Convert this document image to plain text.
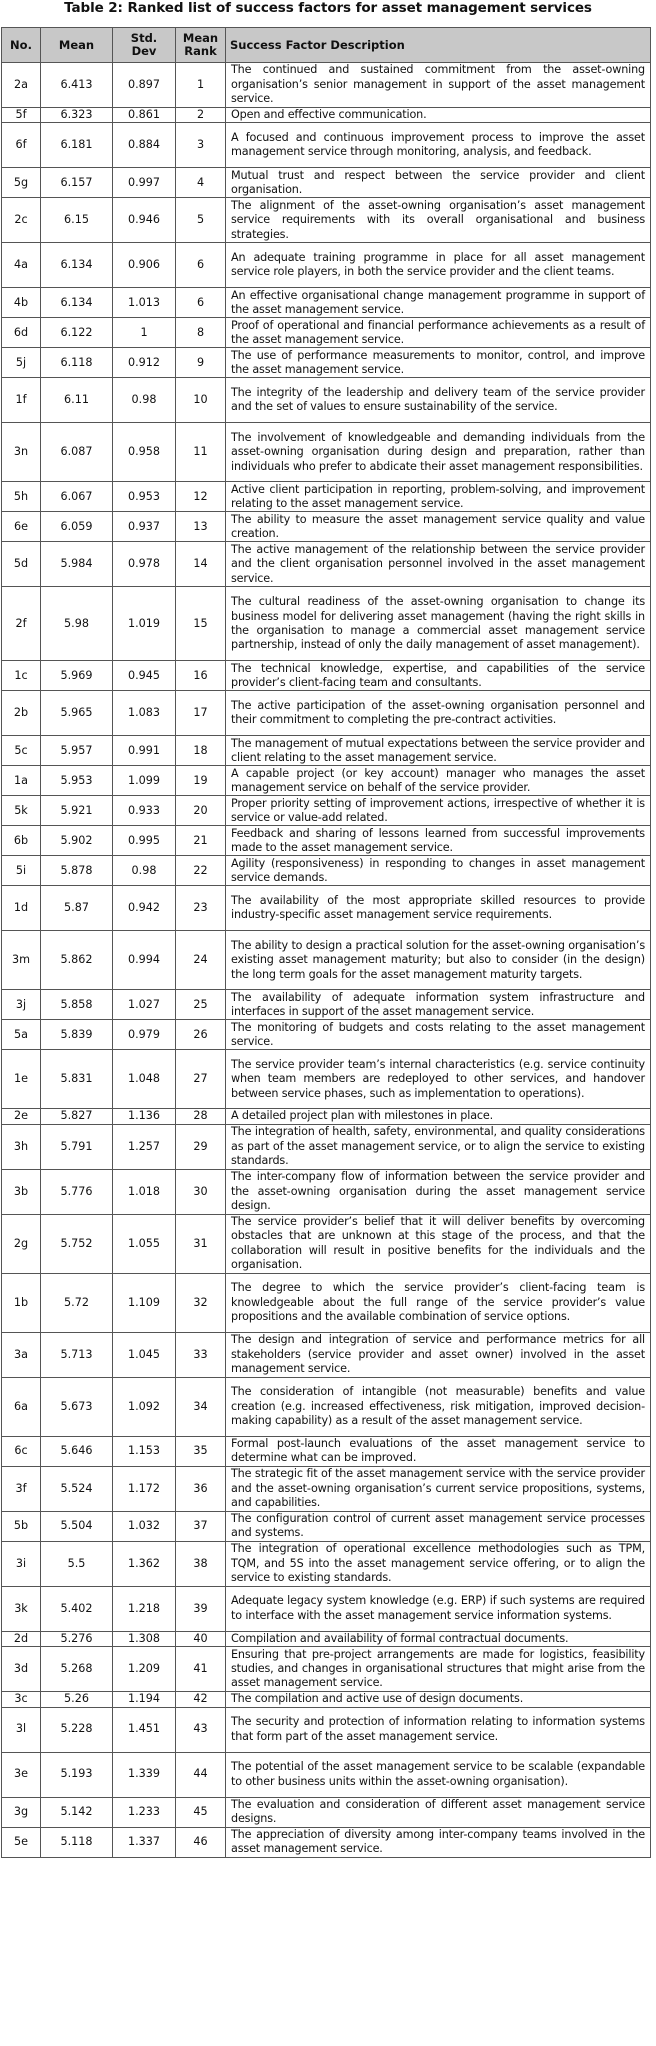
Table 2: Ranked list of success factors for asset management services
No.	Mean	Std. Dev	Mean Rank	Success Factor Description
2a	6.413	0.897	1	The continued and sustained commitment from the asset-owning organisation’s senior management in support of the asset management service.
5f	6.323	0.861	2	Open and effective communication.
6f	6.181	0.884	3	A focused and continuous improvement process to improve the asset management service through monitoring, analysis, and feedback.
5g	6.157	0.997	4	Mutual trust and respect between the service provider and client organisation.
2c	6.15	0.946	5	The alignment of the asset-owning organisation’s asset management service requirements with its overall organisational and business strategies.
4a	6.134	0.906	6	An adequate training programme in place for all asset management service role players, in both the service provider and the client teams.
4b	6.134	1.013	6	An effective organisational change management programme in support of the asset management service.
6d	6.122	1	8	Proof of operational and financial performance achievements as a result of the asset management service.
5j	6.118	0.912	9	The use of performance measurements to monitor, control, and improve the asset management service.
1f	6.11	0.98	10	The integrity of the leadership and delivery team of the service provider and the set of values to ensure sustainability of the service.
3n	6.087	0.958	11	The involvement of knowledgeable and demanding individuals from the asset-owning organisation during design and preparation, rather than individuals who prefer to abdicate their asset management responsibilities.
5h	6.067	0.953	12	Active client participation in reporting, problem-solving, and improvement relating to the asset management service.
6e	6.059	0.937	13	The ability to measure the asset management service quality and value creation.
5d	5.984	0.978	14	The active management of the relationship between the service provider and the client organisation personnel involved in the asset management service.
2f	5.98	1.019	15	The cultural readiness of the asset-owning organisation to change its business model for delivering asset management (having the right skills in the organisation to manage a commercial asset management service partnership, instead of only the daily management of asset management).
1c	5.969	0.945	16	The technical knowledge, expertise, and capabilities of the service provider’s client-facing team and consultants.
2b	5.965	1.083	17	The active participation of the asset-owning organisation personnel and their commitment to completing the pre-contract activities.
5c	5.957	0.991	18	The management of mutual expectations between the service provider and client relating to the asset management service.
1a	5.953	1.099	19	A capable project (or key account) manager who manages the asset management service on behalf of the service provider.
5k	5.921	0.933	20	Proper priority setting of improvement actions, irrespective of whether it is service or value-add related.
6b	5.902	0.995	21	Feedback and sharing of lessons learned from successful improvements made to the asset management service.
5i	5.878	0.98	22	Agility (responsiveness) in responding to changes in asset management service demands.
1d	5.87	0.942	23	The availability of the most appropriate skilled resources to provide industry-specific asset management service requirements.
3m	5.862	0.994	24	The ability to design a practical solution for the asset-owning organisation’s existing asset management maturity; but also to consider (in the design) the long term goals for the asset management maturity targets.
3j	5.858	1.027	25	The availability of adequate information system infrastructure and interfaces in support of the asset management service.
5a	5.839	0.979	26	The monitoring of budgets and costs relating to the asset management service.
1e	5.831	1.048	27	The service provider team’s internal characteristics (e.g. service continuity when team members are redeployed to other services, and handover between service phases, such as implementation to operations).
2e	5.827	1.136	28	A detailed project plan with milestones in place.
3h	5.791	1.257	29	The integration of health, safety, environmental, and quality considerations as part of the asset management service, or to align the service to existing standards.
3b	5.776	1.018	30	The inter-company flow of information between the service provider and the asset-owning organisation during the asset management service design.
2g	5.752	1.055	31	The service provider’s belief that it will deliver benefits by overcoming obstacles that are unknown at this stage of the process, and that the collaboration will result in positive benefits for the individuals and the organisation.
1b	5.72	1.109	32	The degree to which the service provider’s client-facing team is knowledgeable about the full range of the service provider’s value propositions and the available combination of service options.
3a	5.713	1.045	33	The design and integration of service and performance metrics for all stakeholders (service provider and asset owner) involved in the asset management service.
6a	5.673	1.092	34	The consideration of intangible (not measurable) benefits and value creation (e.g. increased effectiveness, risk mitigation, improved decision-making capability) as a result of the asset management service.
6c	5.646	1.153	35	Formal post-launch evaluations of the asset management service to determine what can be improved.
3f	5.524	1.172	36	The strategic fit of the asset management service with the service provider and the asset-owning organisation’s current service propositions, systems, and capabilities.
5b	5.504	1.032	37	The configuration control of current asset management service processes and systems.
3i	5.5	1.362	38	The integration of operational excellence methodologies such as TPM, TQM, and 5S into the asset management service offering, or to align the service to existing standards.
3k	5.402	1.218	39	Adequate legacy system knowledge (e.g. ERP) if such systems are required to interface with the asset management service information systems.
2d	5.276	1.308	40	Compilation and availability of formal contractual documents.
3d	5.268	1.209	41	Ensuring that pre-project arrangements are made for logistics, feasibility studies, and changes in organisational structures that might arise from the asset management service.
3c	5.26	1.194	42	The compilation and active use of design documents.
3l	5.228	1.451	43	The security and protection of information relating to information systems that form part of the asset management service.
3e	5.193	1.339	44	The potential of the asset management service to be scalable (expandable to other business units within the asset-owning organisation).
3g	5.142	1.233	45	The evaluation and consideration of different asset management service designs.
5e	5.118	1.337	46	The appreciation of diversity among inter-company teams involved in the asset management service.
